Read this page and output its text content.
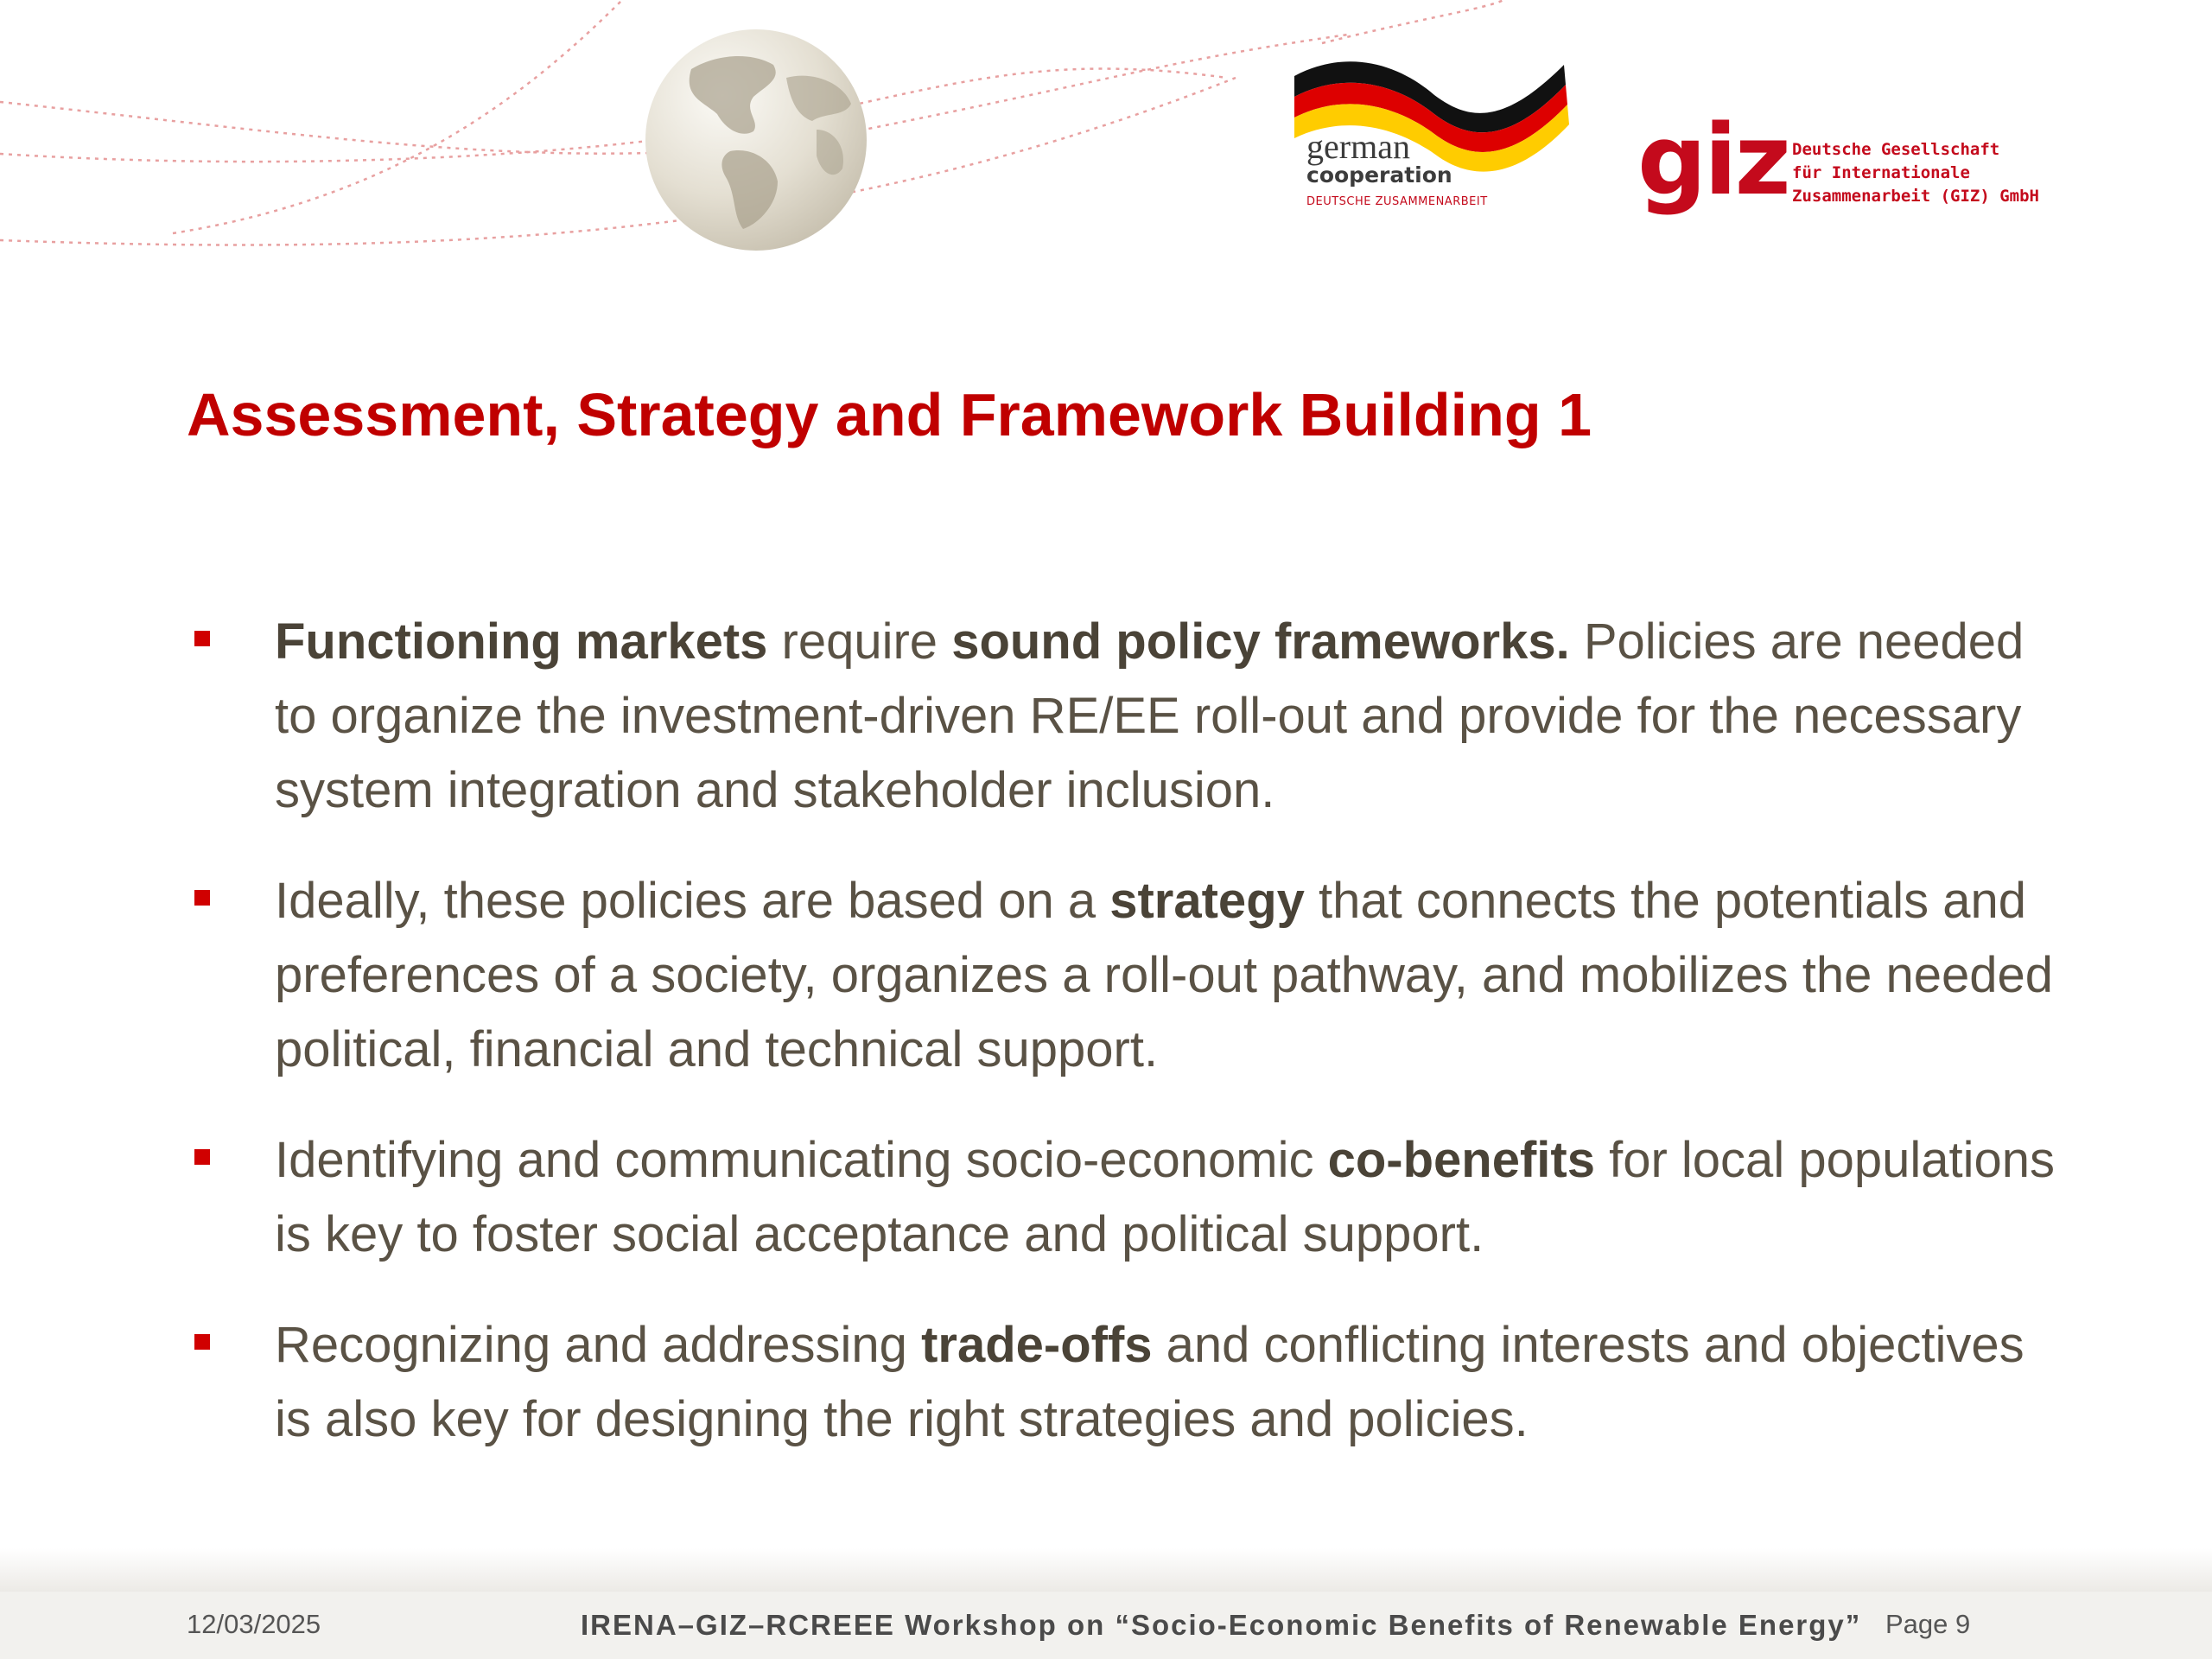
german
cooperation
DEUTSCHE ZUSAMMENARBEIT giz Deutsche Gesellschaft
für Internationale
Zusammenarbeit (GIZ) GmbH
Assessment, Strategy and Framework Building 1
Functioning markets require sound policy frameworks. Policies are needed to organize the investment-driven RE/EE roll-out and provide for the necessary system integration and stakeholder inclusion.
Ideally, these policies are based on a strategy that connects the potentials and preferences of a society, organizes a roll-out pathway, and mobilizes the needed political, financial and technical support.
Identifying and communicating socio-economic co-benefits for local populations is key to foster social acceptance and political support.
Recognizing and addressing trade-offs and conflicting interests and objectives is also key for designing the right strategies and policies.
12/03/2025	IRENA–GIZ–RCREEE Workshop on “Socio-Economic Benefits of Renewable Energy” Page 9
